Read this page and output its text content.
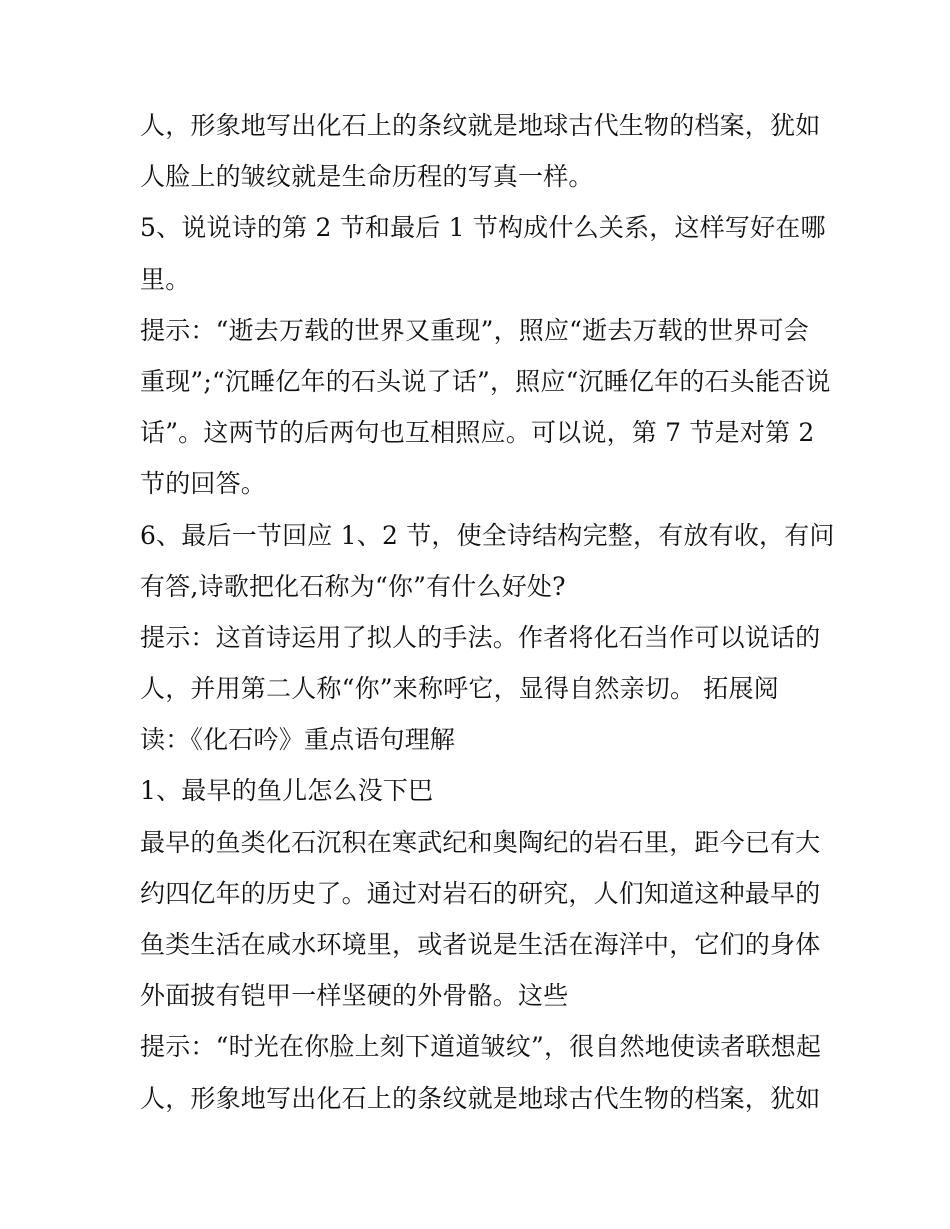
人，形象地写出化石上的条纹就是地球古代生物的档案，犹如

人脸上的皱纹就是生命历程的写真一样。

5、说说诗的第 2 节和最后 1 节构成什么关系，这样写好在哪

里。

提示：“逝去万载的世界又重现”，照应“逝去万载的世界可会

重现”;“沉睡亿年的石头说了话”，照应“沉睡亿年的石头能否说

话”。这两节的后两句也互相照应。可以说，第 7 节是对第 2

节的回答。

6、最后一节回应 1、2 节，使全诗结构完整，有放有收，有问

有答,诗歌把化石称为“你”有什么好处?

提示：这首诗运用了拟人的手法。作者将化石当作可以说话的

人，并用第二人称“你”来称呼它，显得自然亲切。 拓展阅

读：《化石吟》重点语句理解

1、最早的鱼儿怎么没下巴

最早的鱼类化石沉积在寒武纪和奥陶纪的岩石里，距今已有大

约四亿年的历史了。通过对岩石的研究，人们知道这种最早的

鱼类生活在咸水环境里，或者说是生活在海洋中，它们的身体

外面披有铠甲一样坚硬的外骨骼。这些

提示：“时光在你脸上刻下道道皱纹”，很自然地使读者联想起

人，形象地写出化石上的条纹就是地球古代生物的档案，犹如
